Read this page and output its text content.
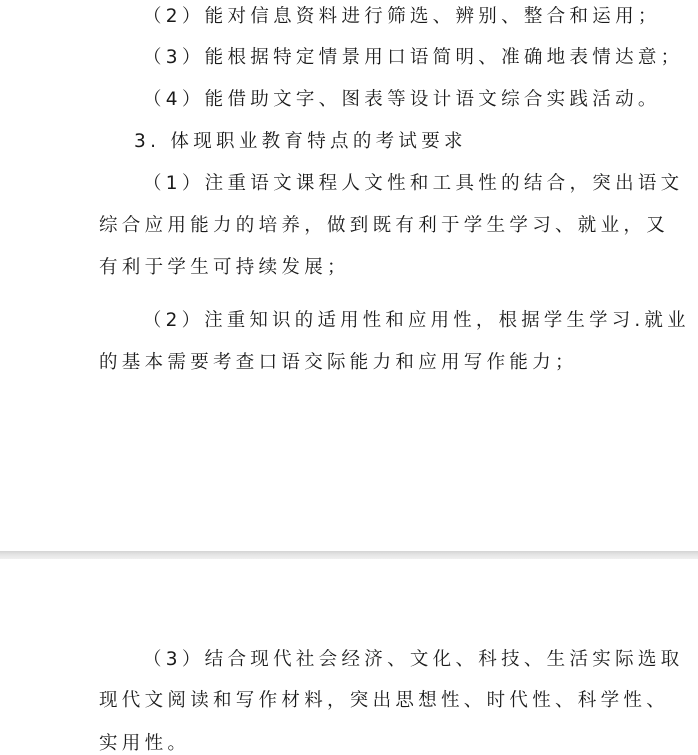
（2）能对信息资料进行筛选、辨别、整合和运用；
（3）能根据特定情景用口语简明、准确地表情达意；
（4）能借助文字、图表等设计语文综合实践活动。
3. 体现职业教育特点的考试要求
（1）注重语文课程人文性和工具性的结合，突出语文
综合应用能力的培养，做到既有利于学生学习、就业，又
有利于学生可持续发展；
（2）注重知识的适用性和应用性，根据学生学习.就业
的基本需要考查口语交际能力和应用写作能力；
（3）结合现代社会经济、文化、科技、生活实际选取
现代文阅读和写作材料，突出思想性、时代性、科学性、
实用性。
